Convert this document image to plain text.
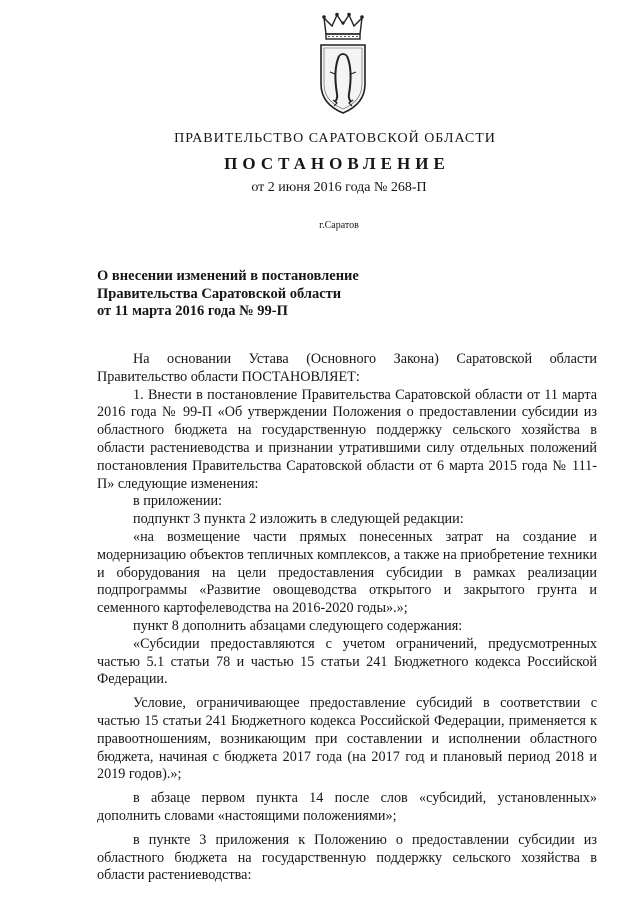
ПРАВИТЕЛЬСТВО САРАТОВСКОЙ ОБЛАСТИ
ПОСТАНОВЛЕНИЕ
от 2 июня 2016 года № 268-П
г.Саратов
О внесении изменений в постановление
Правительства Саратовской области
от 11 марта 2016 года № 99-П

На основании Устава (Основного Закона) Саратовской области Правительство области ПОСТАНОВЛЯЕТ:

1. Внести в постановление Правительства Саратовской области от 11 марта 2016 года № 99-П «Об утверждении Положения о предоставлении субсидии из областного бюджета на государственную поддержку сельского хозяйства в области растениеводства и признании утратившими силу отдельных положений постановления Правительства Саратовской области от 6 марта 2015 года № 111-П» следующие изменения:

в приложении:

подпункт 3 пункта 2 изложить в следующей редакции:

«на возмещение части прямых понесенных затрат на создание и модернизацию объектов тепличных комплексов, а также на приобретение техники и оборудования на цели предоставления субсидии в рамках реализации подпрограммы «Развитие овощеводства открытого и закрытого грунта и семенного картофелеводства на 2016-2020 годы».»;

пункт 8 дополнить абзацами следующего содержания:

«Субсидии предоставляются с учетом ограничений, предусмотренных частью 5.1 статьи 78 и частью 15 статьи 241 Бюджетного кодекса Российской Федерации.

Условие, ограничивающее предоставление субсидий в соответствии с частью 15 статьи 241 Бюджетного кодекса Российской Федерации, применяется к правоотношениям, возникающим при составлении и исполнении областного бюджета, начиная с бюджета 2017 года (на 2017 год и плановый период 2018 и 2019 годов).»;

в абзаце первом пункта 14 после слов «субсидий, установленных» дополнить словами «настоящими положениями»;

в пункте 3 приложения к Положению о предоставлении субсидии из областного бюджета на государственную поддержку сельского хозяйства в области растениеводства:
